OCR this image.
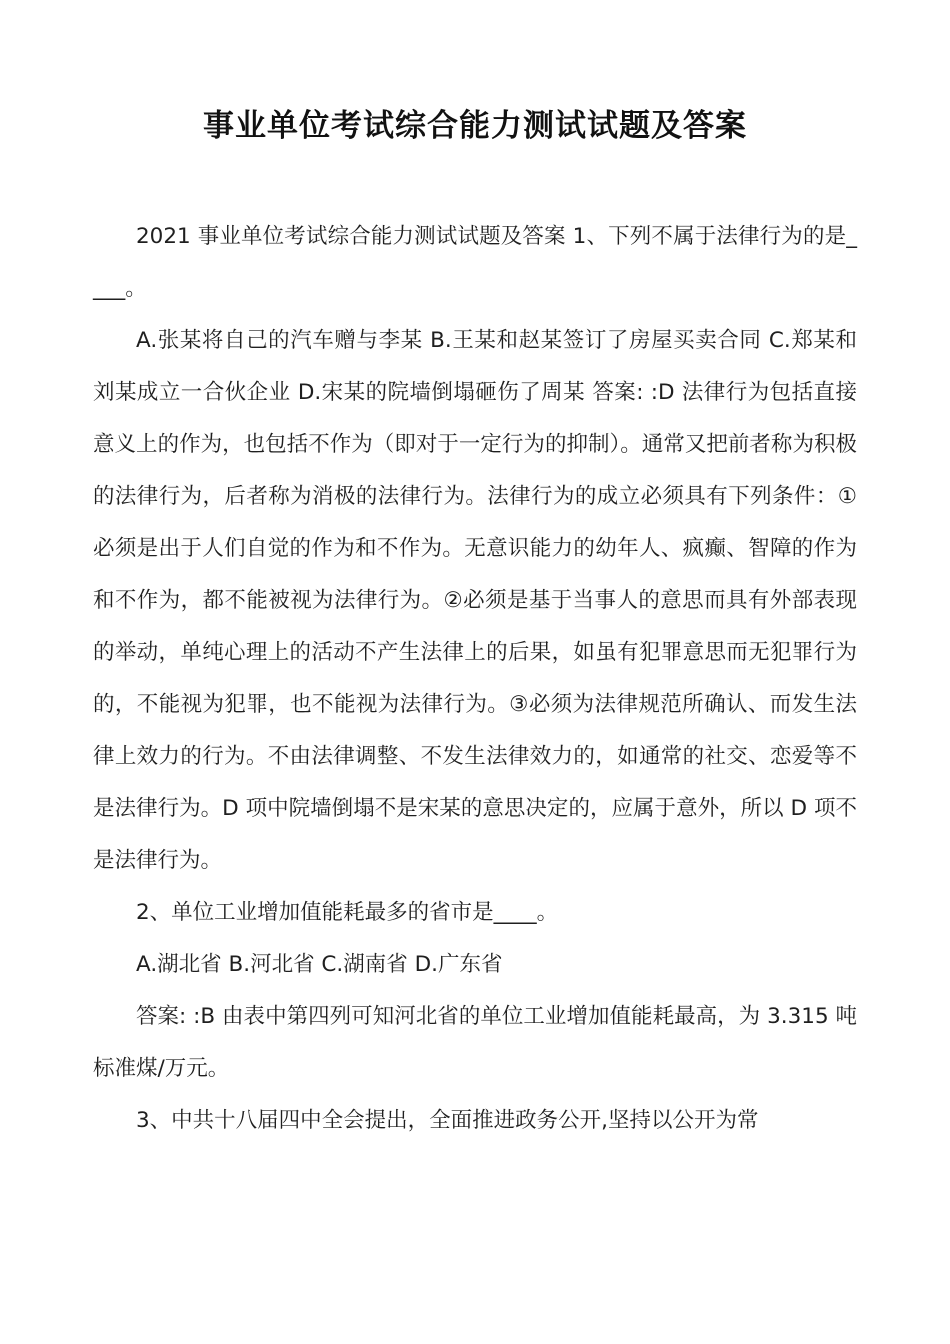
事业单位考试综合能力测试试题及答案

2021 事业单位考试综合能力测试试题及答案 1、下列不属于法律行为的是____。

A.张某将自己的汽车赠与李某 B.王某和赵某签订了房屋买卖合同 C.郑某和刘某成立一合伙企业 D.宋某的院墙倒塌砸伤了周某 答案: :D 法律行为包括直接意义上的作为，也包括不作为（即对于一定行为的抑制）。通常又把前者称为积极的法律行为，后者称为消极的法律行为。法律行为的成立必须具有下列条件：①必须是出于人们自觉的作为和不作为。无意识能力的幼年人、疯癫、智障的作为和不作为，都不能被视为法律行为。②必须是基于当事人的意思而具有外部表现的举动，单纯心理上的活动不产生法律上的后果，如虽有犯罪意思而无犯罪行为的，不能视为犯罪，也不能视为法律行为。③必须为法律规范所确认、而发生法律上效力的行为。不由法律调整、不发生法律效力的，如通常的社交、恋爱等不是法律行为。D 项中院墙倒塌不是宋某的意思决定的，应属于意外，所以 D 项不是法律行为。

2、单位工业增加值能耗最多的省市是____。

A.湖北省 B.河北省 C.湖南省 D.广东省

答案: :B 由表中第四列可知河北省的单位工业增加值能耗最高，为 3.315 吨标准煤/万元。

3、中共十八届四中全会提出，全面推进政务公开,坚持以公开为常
